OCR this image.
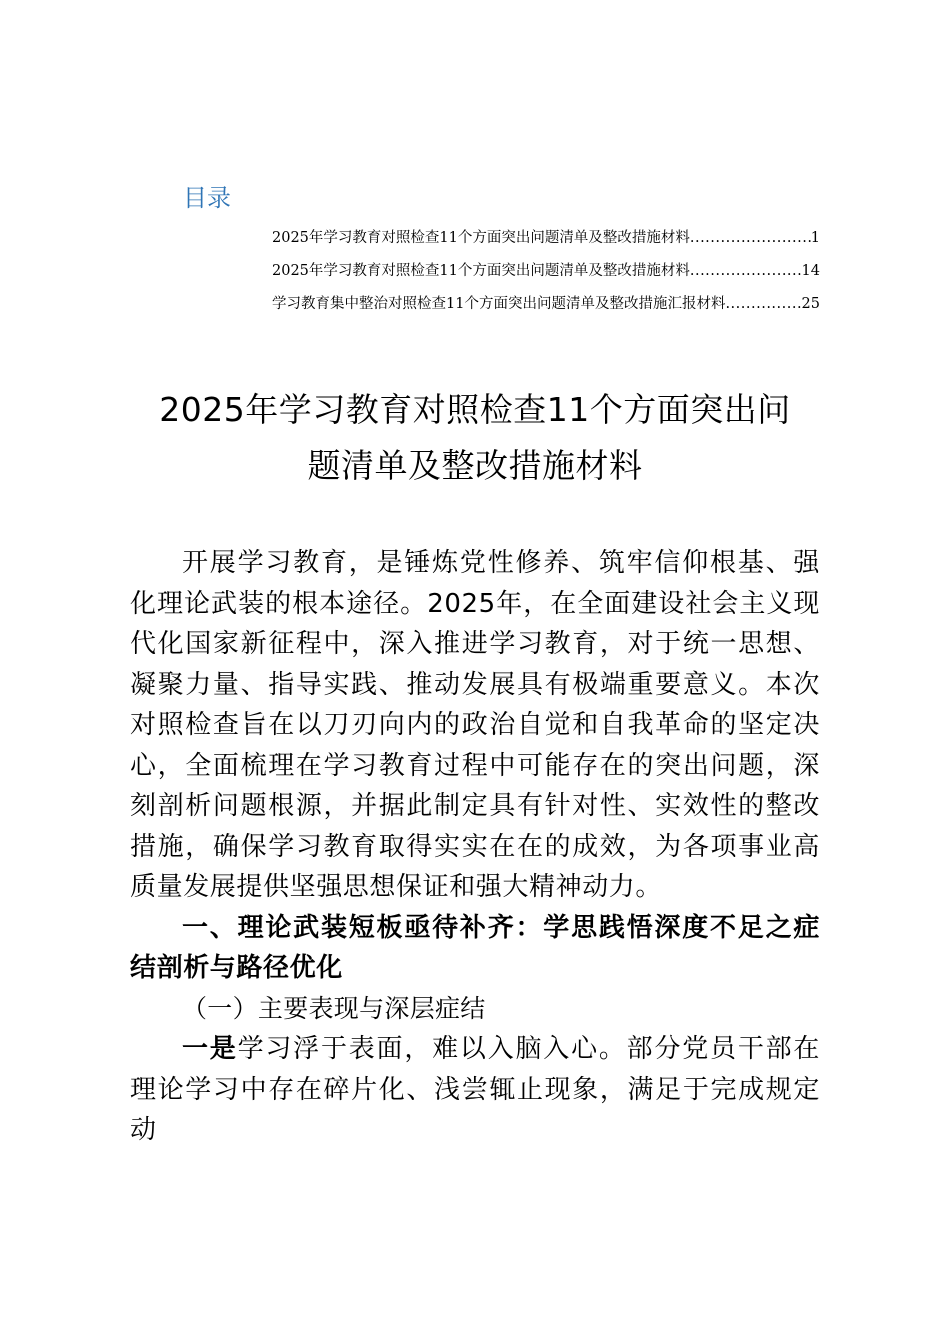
目录
2025年学习教育对照检查11个方面突出问题清单及整改措施材料 .....	1
2025年学习教育对照检查11个方面突出问题清单及整改措施材料 .....	14
学习教育集中整治对照检查11个方面突出问题清单及整改措施汇报材料 .....	25
2025年学习教育对照检查11个方面突出问
题清单及整改措施材料

开展学习教育，是锤炼党性修养、筑牢信仰根基、强化理论武装的根本途径。2025年，在全面建设社会主义现代化国家新征程中，深入推进学习教育，对于统一思想、凝聚力量、指导实践、推动发展具有极端重要意义。本次对照检查旨在以刀刃向内的政治自觉和自我革命的坚定决心，全面梳理在学习教育过程中可能存在的突出问题，深刻剖析问题根源，并据此制定具有针对性、实效性的整改措施，确保学习教育取得实实在在的成效，为各项事业高质量发展提供坚强思想保证和强大精神动力。

一、理论武装短板亟待补齐：学思践悟深度不足之症结剖析与路径优化

（一）主要表现与深层症结

一是学习浮于表面，难以入脑入心。部分党员干部在理论学习中存在碎片化、浅尝辄止现象，满足于完成规定动
